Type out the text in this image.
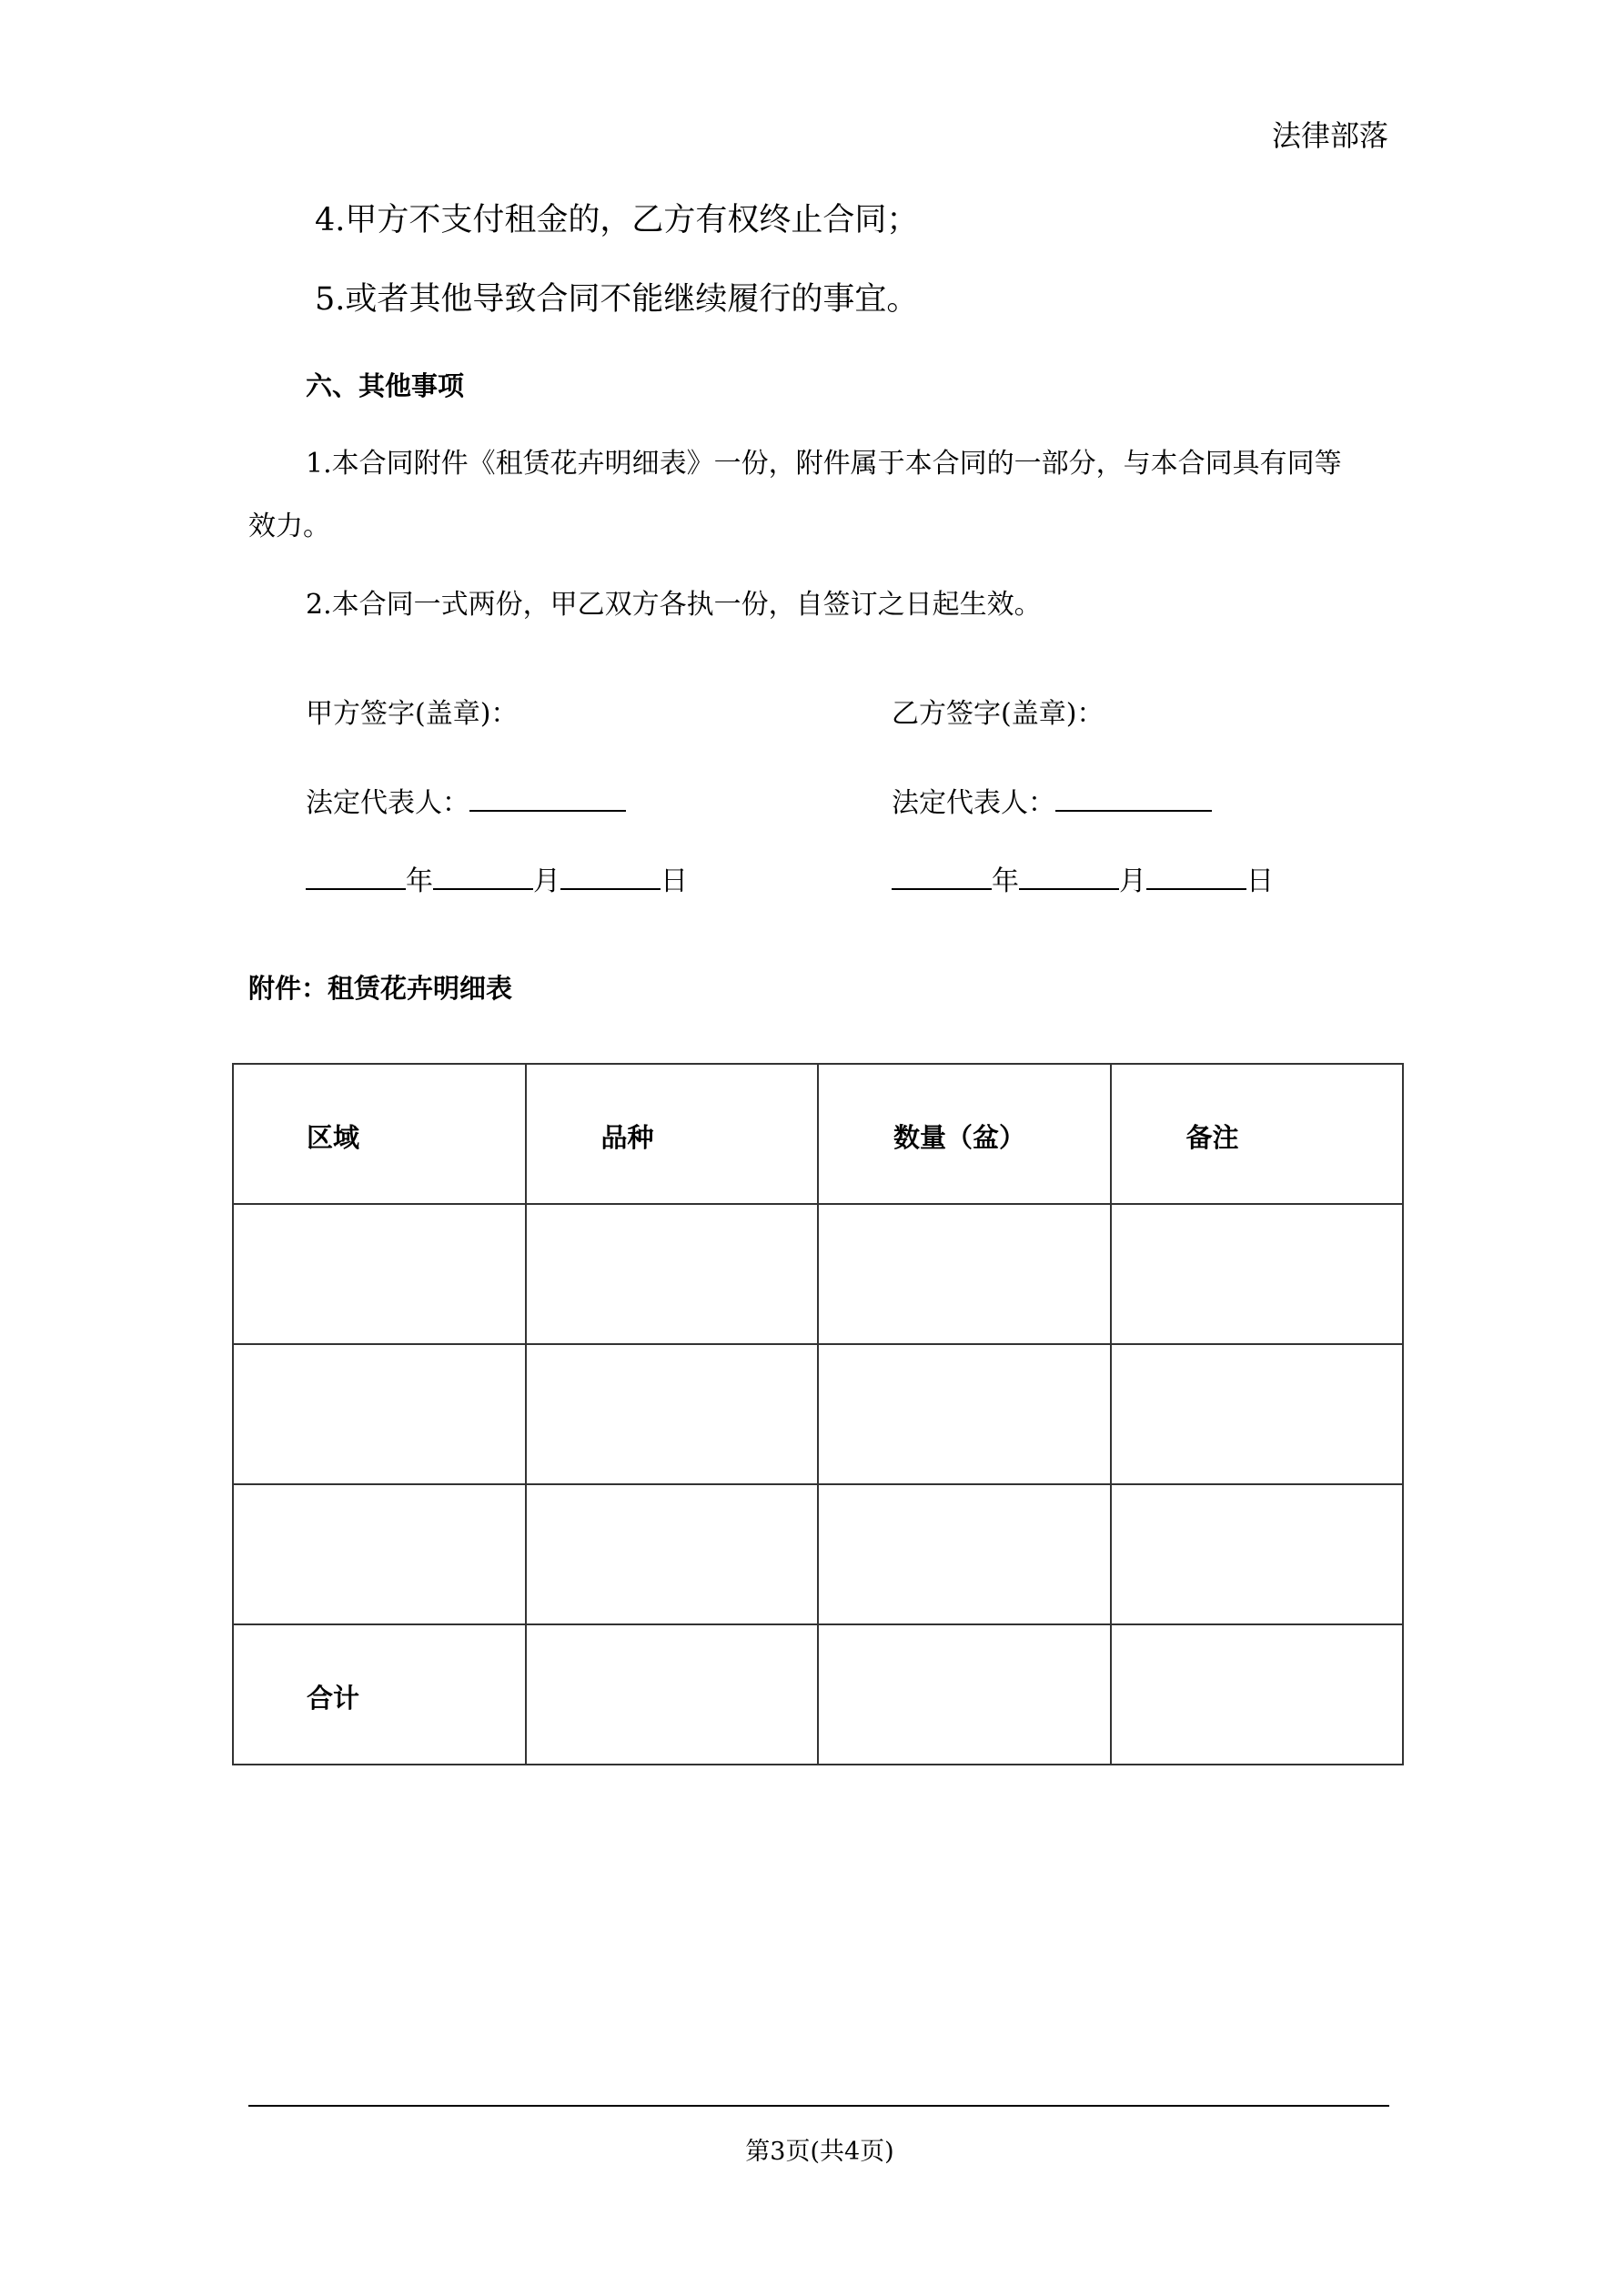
法律部落
4.甲方不支付租金的，乙方有权终止合同；
5.或者其他导致合同不能继续履行的事宜。
六、其他事项
1.本合同附件《租赁花卉明细表》一份，附件属于本合同的一部分，与本合同具有同等
效力。
2.本合同一式两份，甲乙双方各执一份，自签订之日起生效。
甲方签字(盖章)：	乙方签字(盖章)：
法定代表人：	法定代表人：
年	月	日	年	月	日
附件：租赁花卉明细表
区域	品种	数量（盆）	备注

合计			

第3页(共4页)
